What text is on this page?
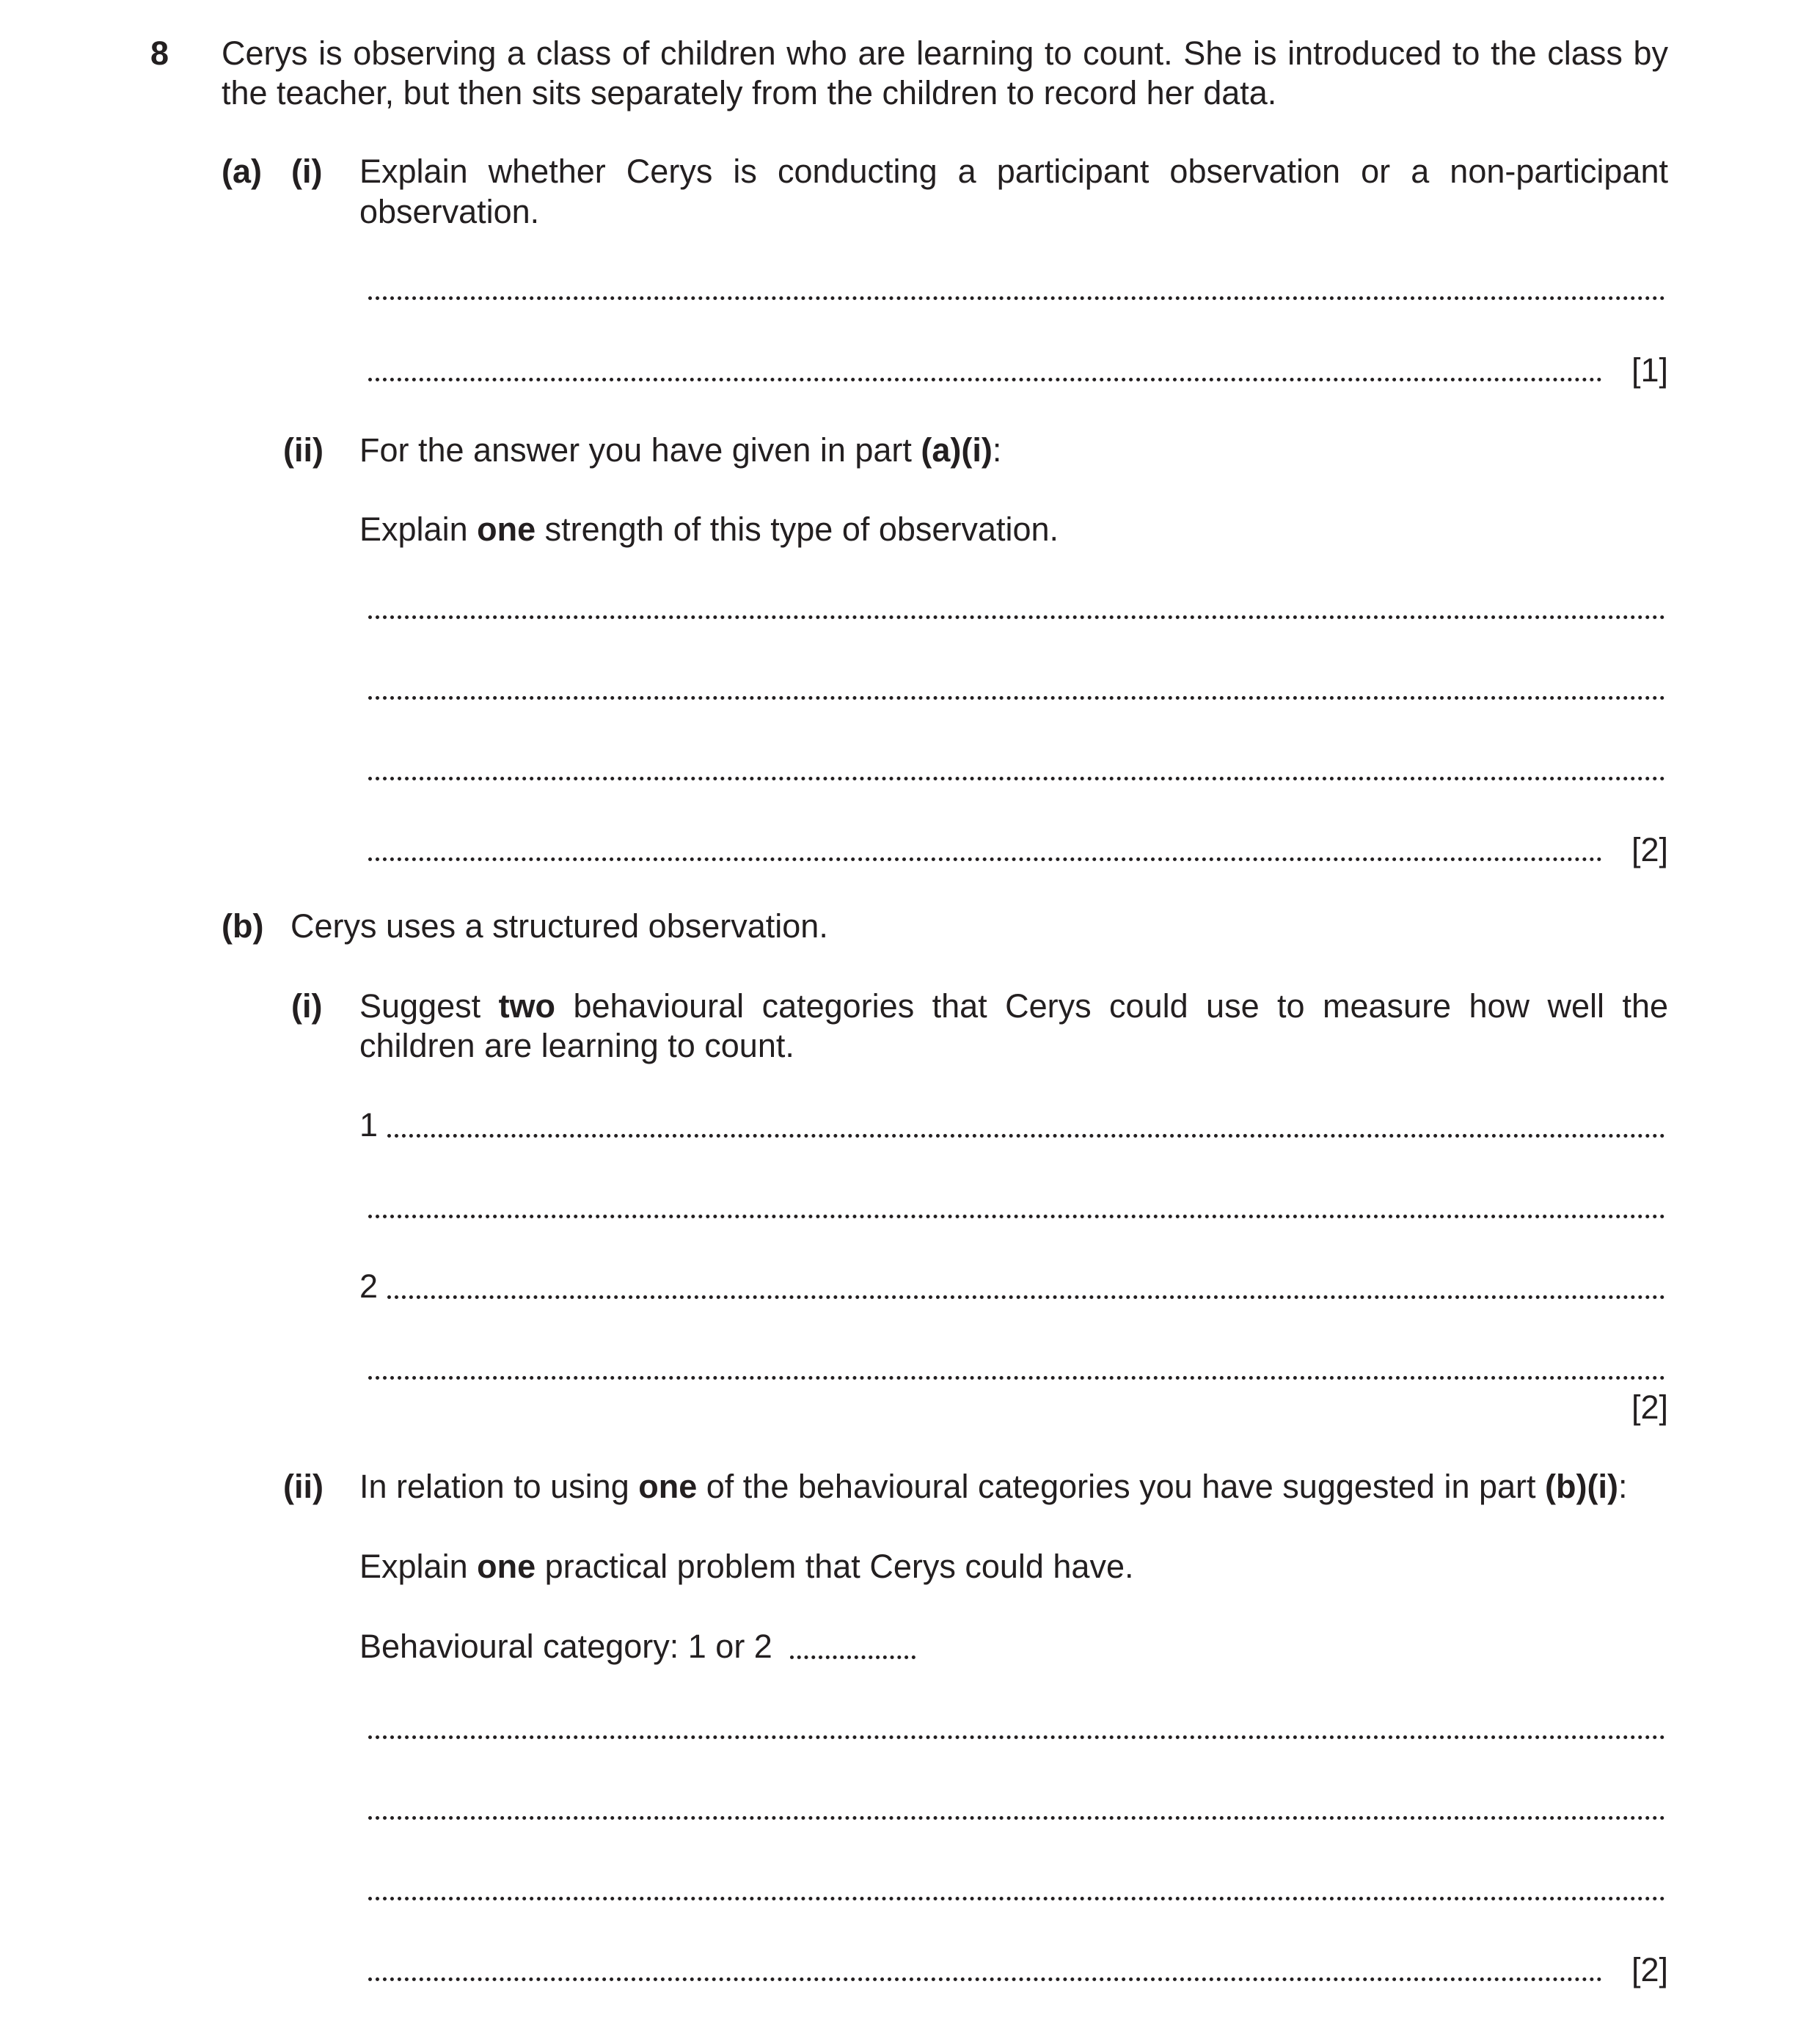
8 Cerys is observing a class of children who are learning to count. She is introduced to the class by
the teacher, but then sits separately from the children to record her data.
(a) (i) Explain whether Cerys is conducting a participant observation or a non-participant
observation.
[1]
(ii) For the answer you have given in part (a)(i):
Explain one strength of this type of observation.
[2]
(b) Cerys uses a structured observation.
(i) Suggest two behavioural categories that Cerys could use to measure how well the
children are learning to count.
1
2
[2]
(ii) In relation to using one of the behavioural categories you have suggested in part (b)(i):
Explain one practical problem that Cerys could have.
Behavioural category: 1 or 2
[2]
